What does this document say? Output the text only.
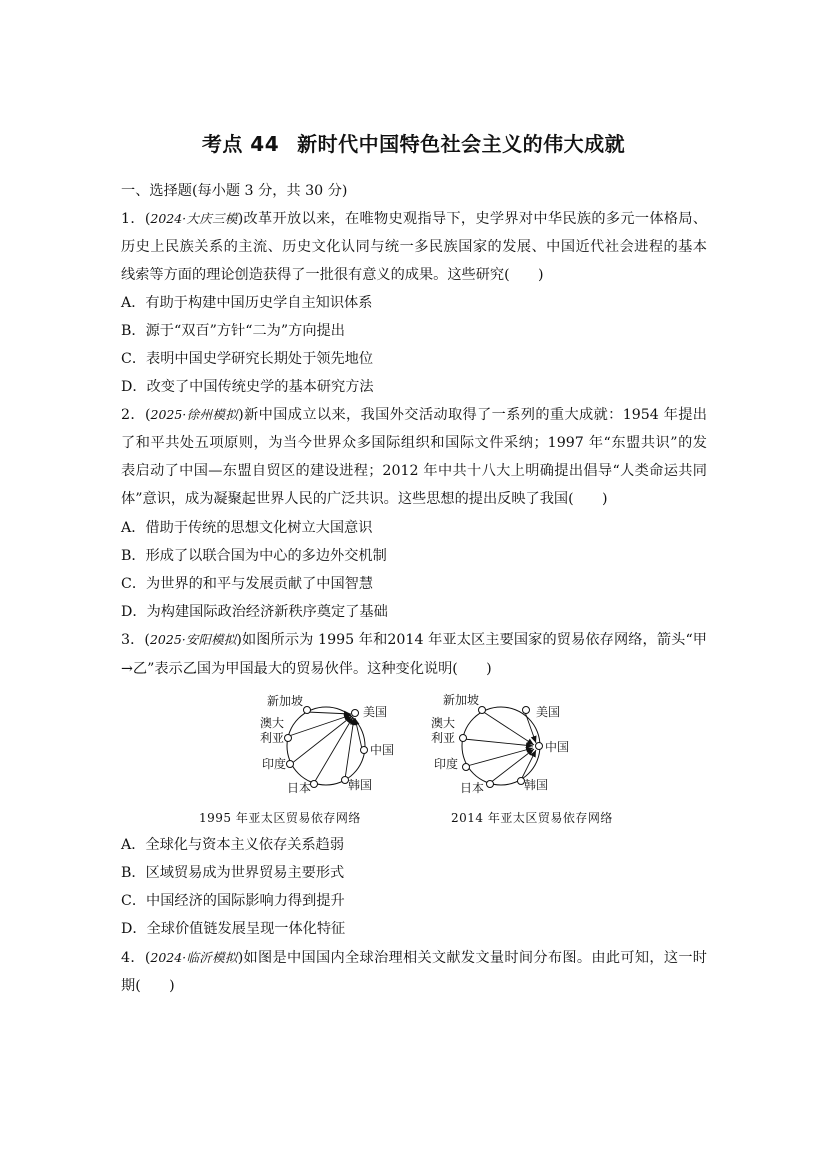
考点 44 新时代中国特色社会主义的伟大成就
一、选择题(每小题 3 分，共 30 分)
1．(2024·大庆三模)改革开放以来，在唯物史观指导下，史学界对中华民族的多元一体格局、
历史上民族关系的主流、历史文化认同与统一多民族国家的发展、中国近代社会进程的基本
线索等方面的理论创造获得了一批很有意义的成果。这些研究(　　)
A．有助于构建中国历史学自主知识体系
B．源于“双百”方针“二为”方向提出
C．表明中国史学研究长期处于领先地位
D．改变了中国传统史学的基本研究方法
2．(2025·徐州模拟)新中国成立以来，我国外交活动取得了一系列的重大成就：1954 年提出
了和平共处五项原则，为当今世界众多国际组织和国际文件采纳；1997 年“东盟共识”的发
表启动了中国—东盟自贸区的建设进程；2012 年中共十八大上明确提出倡导“人类命运共同
体”意识，成为凝聚起世界人民的广泛共识。这些思想的提出反映了我国(　　)
A．借助于传统的思想文化树立大国意识
B．形成了以联合国为中心的多边外交机制
C．为世界的和平与发展贡献了中国智慧
D．为构建国际政治经济新秩序奠定了基础
3．(2025·安阳模拟)如图所示为 1995 年和2014 年亚太区主要国家的贸易依存网络，箭头“甲
→乙”表示乙国为甲国最大的贸易伙伴。这种变化说明(　　)
新加坡
美国
澳大
利亚
中国
印度
日本	韩国
新加坡
美国
澳大
利亚
中国
印度
日本	韩国
1995 年亚太区贸易依存网络	2014 年亚太区贸易依存网络
A．全球化与资本主义依存关系趋弱
B．区域贸易成为世界贸易主要形式
C．中国经济的国际影响力得到提升
D．全球价值链发展呈现一体化特征
4．(2024·临沂模拟)如图是中国国内全球治理相关文献发文量时间分布图。由此可知，这一时
期(　　)
